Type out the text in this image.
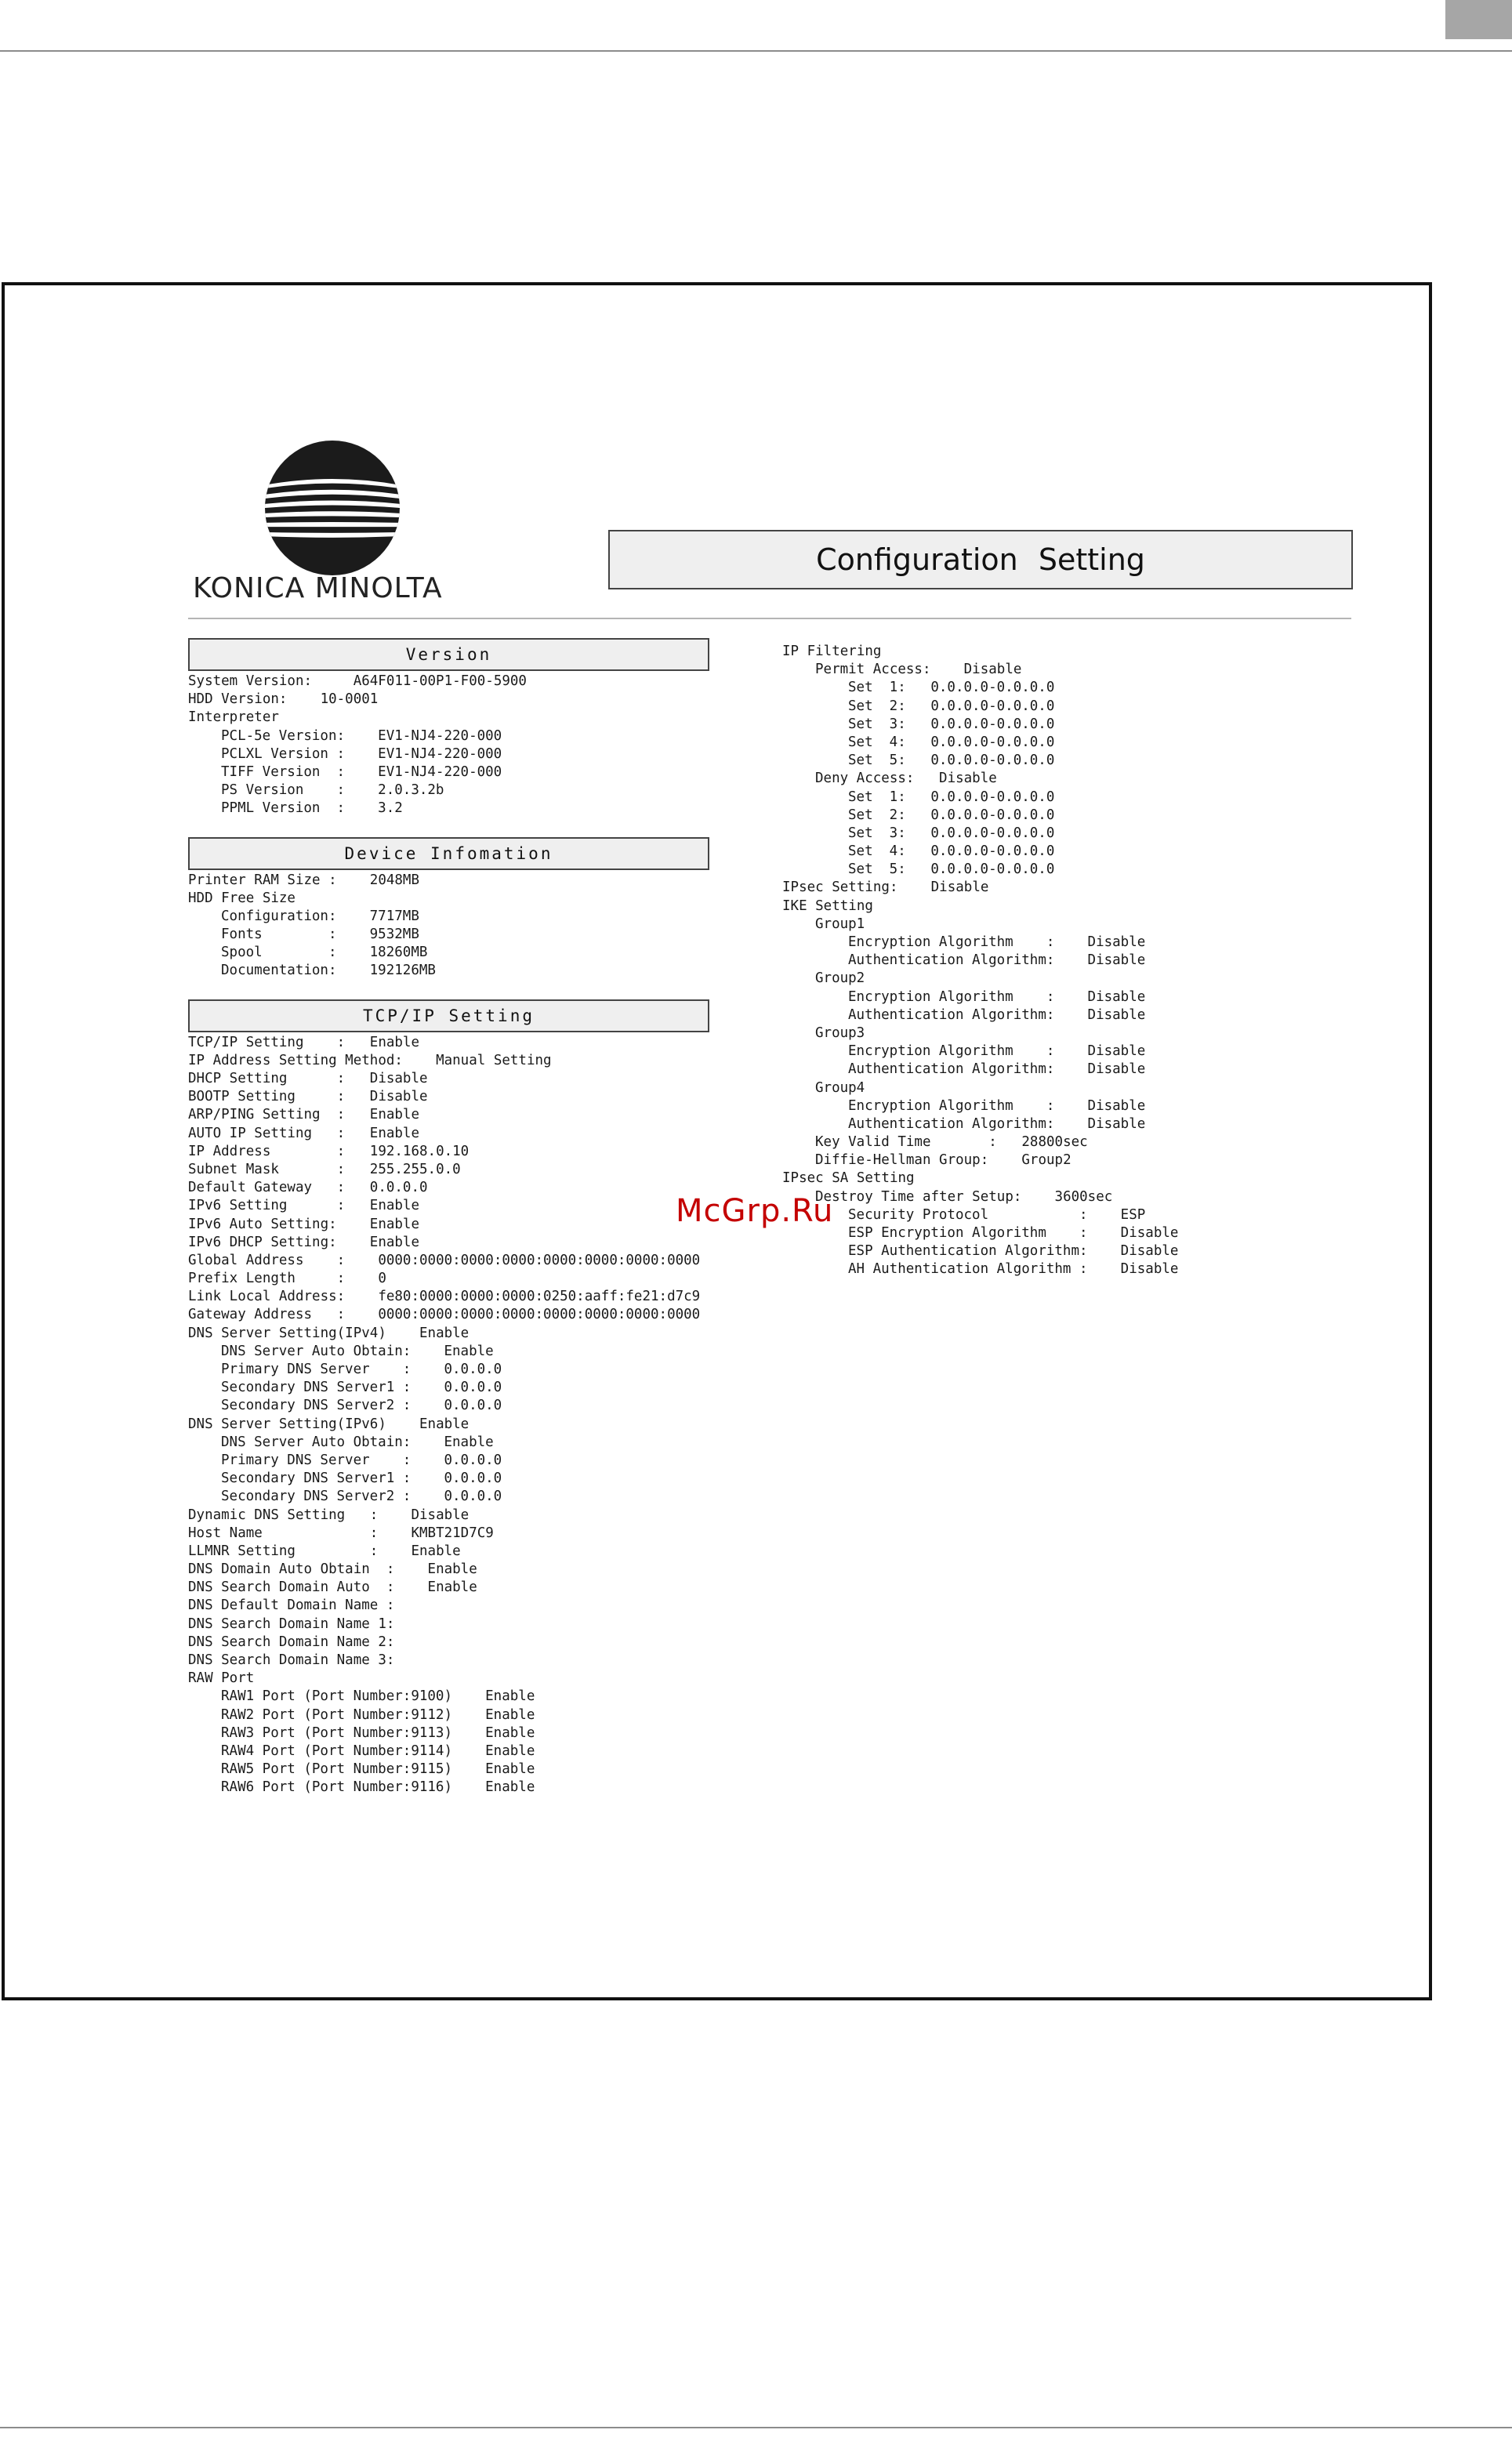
KONICA MINOLTA
Configuration Setting
Version
System Version:	A64F011-00P1-F00-5900
HDD Version:	10-0001
Interpreter
PCL-5e Version:	EV1-NJ4-220-000
PCLXL Version :	EV1-NJ4-220-000
TIFF Version  :	EV1-NJ4-220-000
PS Version    :	2.0.3.2b
PPML Version  :	3.2
Device Infomation
Printer RAM Size :	2048MB
HDD Free Size
Configuration:	7717MB
Fonts        :	9532MB
Spool        :	18260MB
Documentation:	192126MB
TCP/IP Setting
TCP/IP Setting    :	Enable
IP Address Setting Method:	Manual Setting
DHCP Setting      :	Disable
BOOTP Setting     :	Disable
ARP/PING Setting  :	Enable
AUTO IP Setting   :	Enable
IP Address        :	192.168.0.10
Subnet Mask       :	255.255.0.0
Default Gateway   :	0.0.0.0
IPv6 Setting      :	Enable
IPv6 Auto Setting:	Enable
IPv6 DHCP Setting:	Enable
Global Address    :	0000:0000:0000:0000:0000:0000:0000:0000
Prefix Length     :	0
Link Local Address:	fe80:0000:0000:0000:0250:aaff:fe21:d7c9
Gateway Address   :	0000:0000:0000:0000:0000:0000:0000:0000
DNS Server Setting(IPv4)	Enable
DNS Server Auto Obtain:	Enable
Primary DNS Server    :	0.0.0.0
Secondary DNS Server1 :	0.0.0.0
Secondary DNS Server2 :	0.0.0.0
DNS Server Setting(IPv6)	Enable
DNS Server Auto Obtain:	Enable
Primary DNS Server    :	0.0.0.0
Secondary DNS Server1 :	0.0.0.0
Secondary DNS Server2 :	0.0.0.0
Dynamic DNS Setting   :	Disable
Host Name             :	KMBT21D7C9
LLMNR Setting         :	Enable
DNS Domain Auto Obtain  :	Enable
DNS Search Domain Auto  :	Enable
DNS Default Domain Name :
DNS Search Domain Name 1:
DNS Search Domain Name 2:
DNS Search Domain Name 3:
RAW Port
RAW1 Port (Port Number:9100)	Enable
RAW2 Port (Port Number:9112)	Enable
RAW3 Port (Port Number:9113)	Enable
RAW4 Port (Port Number:9114)	Enable
RAW5 Port (Port Number:9115)	Enable
RAW6 Port (Port Number:9116)	Enable
IP Filtering
Permit Access:	Disable
Set  1:	0.0.0.0-0.0.0.0
Set  2:	0.0.0.0-0.0.0.0
Set  3:	0.0.0.0-0.0.0.0
Set  4:	0.0.0.0-0.0.0.0
Set  5:	0.0.0.0-0.0.0.0
Deny Access:	Disable
Set  1:	0.0.0.0-0.0.0.0
Set  2:	0.0.0.0-0.0.0.0
Set  3:	0.0.0.0-0.0.0.0
Set  4:	0.0.0.0-0.0.0.0
Set  5:	0.0.0.0-0.0.0.0
IPsec Setting:	Disable
IKE Setting
Group1
Encryption Algorithm    :	Disable
Authentication Algorithm:	Disable
Group2
Encryption Algorithm    :	Disable
Authentication Algorithm:	Disable
Group3
Encryption Algorithm    :	Disable
Authentication Algorithm:	Disable
Group4
Encryption Algorithm    :	Disable
Authentication Algorithm:	Disable
Key Valid Time       :	28800sec
Diffie-Hellman Group:	Group2
IPsec SA Setting
Destroy Time after Setup:	3600sec
Security Protocol           :	ESP
ESP Encryption Algorithm    :	Disable
ESP Authentication Algorithm:	Disable
AH Authentication Algorithm :	Disable
McGrp.Ru
